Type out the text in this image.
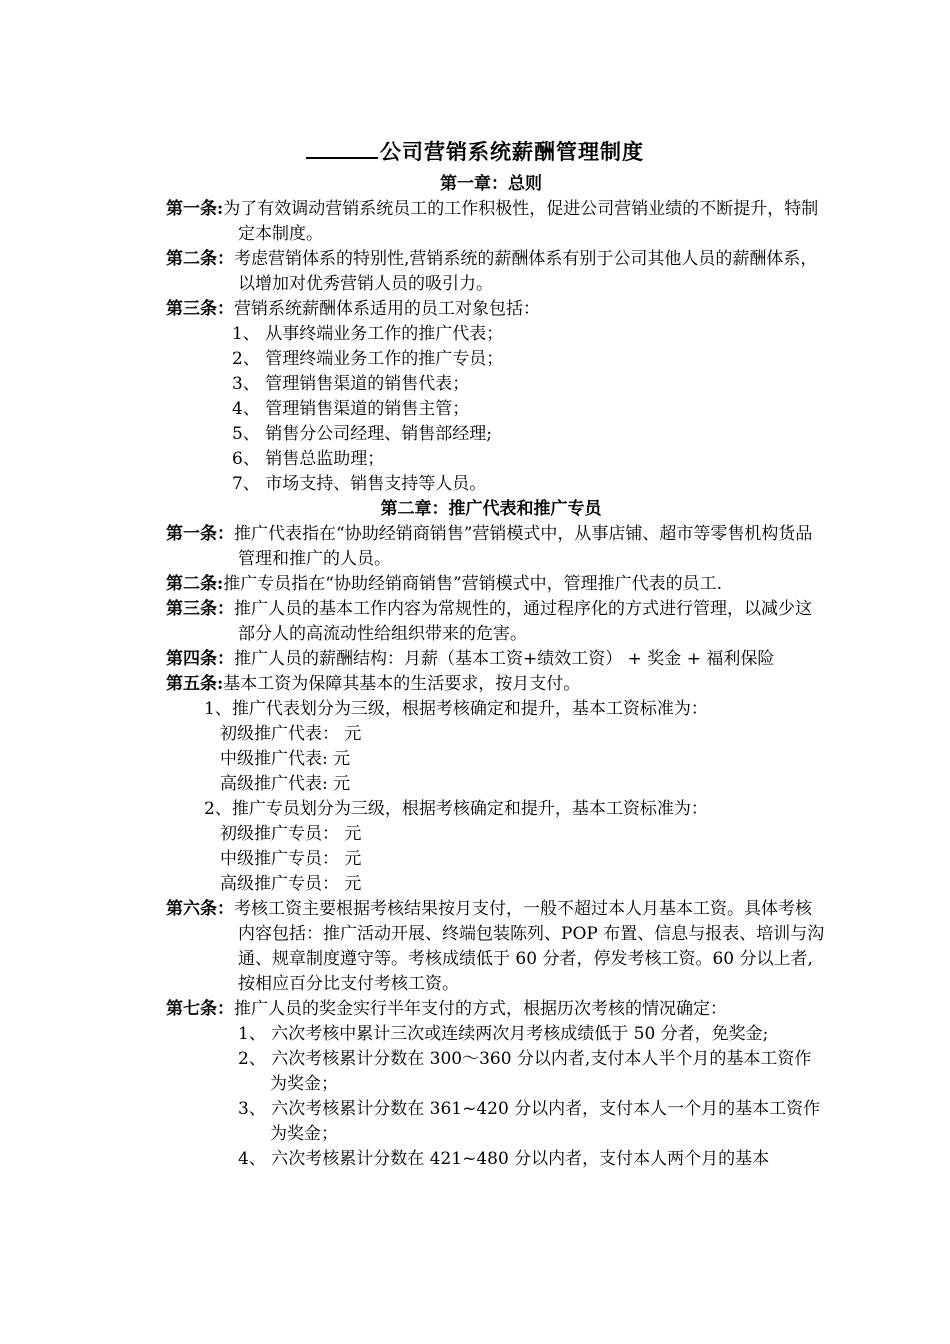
公司营销系统薪酬管理制度
第一章：总则
第一条:为了有效调动营销系统员工的工作积极性，促进公司营销业绩的不断提升，特制定本制度。
第二条：考虑营销体系的特别性,营销系统的薪酬体系有别于公司其他人员的薪酬体系，以增加对优秀营销人员的吸引力。
第三条：营销系统薪酬体系适用的员工对象包括：
1、 从事终端业务工作的推广代表；
2、 管理终端业务工作的推广专员；
3、 管理销售渠道的销售代表；
4、 管理销售渠道的销售主管；
5、 销售分公司经理、销售部经理;
6、 销售总监助理；
7、 市场支持、销售支持等人员。
第二章：推广代表和推广专员
第一条：推广代表指在“协助经销商销售”营销模式中，从事店铺、超市等零售机构货品管理和推广的人员。
第二条:推广专员指在“协助经销商销售”营销模式中，管理推广代表的员工.
第三条：推广人员的基本工作内容为常规性的，通过程序化的方式进行管理，以减少这部分人的高流动性给组织带来的危害。
第四条：推广人员的薪酬结构：月薪（基本工资+绩效工资） + 奖金 + 福利保险
第五条:基本工资为保障其基本的生活要求，按月支付。
1、推广代表划分为三级，根据考核确定和提升，基本工资标准为：
初级推广代表： 元
中级推广代表: 元
高级推广代表: 元
2、推广专员划分为三级，根据考核确定和提升，基本工资标准为：
初级推广专员： 元
中级推广专员： 元
高级推广专员： 元
第六条：考核工资主要根据考核结果按月支付，一般不超过本人月基本工资。具体考核内容包括：推广活动开展、终端包装陈列、POP 布置、信息与报表、培训与沟通、规章制度遵守等。考核成绩低于 60 分者，停发考核工资。60 分以上者,按相应百分比支付考核工资。
第七条：推广人员的奖金实行半年支付的方式，根据历次考核的情况确定：
1、 六次考核中累计三次或连续两次月考核成绩低于 50 分者，免奖金;
2、 六次考核累计分数在 300～360 分以内者,支付本人半个月的基本工资作为奖金；
3、 六次考核累计分数在 361~420 分以内者，支付本人一个月的基本工资作为奖金；
4、 六次考核累计分数在 421~480 分以内者，支付本人两个月的基本
